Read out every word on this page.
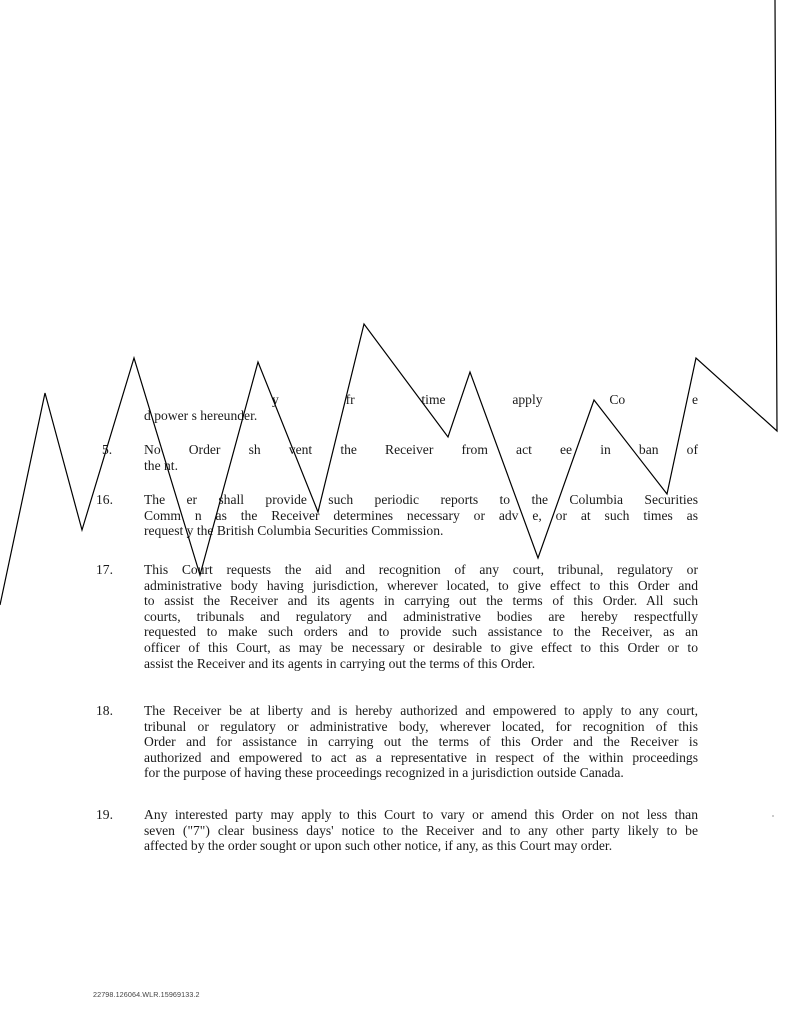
y fr time apply Co e
d power s hereunder.
5. No Order sh vent the Receiver from act ee in ban of
the nt.
16. The er shall provide such periodic reports to the Columbia Securities
Comm n as the Receiver determines necessary or adv e, or at such times as
request y the British Columbia Securities Commission.
17. This Court requests the aid and recognition of any court, tribunal, regulatory or
administrative body having jurisdiction, wherever located, to give effect to this Order and
to assist the Receiver and its agents in carrying out the terms of this Order. All such
courts, tribunals and regulatory and administrative bodies are hereby respectfully
requested to make such orders and to provide such assistance to the Receiver, as an
officer of this Court, as may be necessary or desirable to give effect to this Order or to
assist the Receiver and its agents in carrying out the terms of this Order.
18. The Receiver be at liberty and is hereby authorized and empowered to apply to any court,
tribunal or regulatory or administrative body, wherever located, for recognition of this
Order and for assistance in carrying out the terms of this Order and the Receiver is
authorized and empowered to act as a representative in respect of the within proceedings
for the purpose of having these proceedings recognized in a jurisdiction outside Canada.
19. Any interested party may apply to this Court to vary or amend this Order on not less than
seven ("7") clear business days' notice to the Receiver and to any other party likely to be
affected by the order sought or upon such other notice, if any, as this Court may order.
22798.126064.WLR.15969133.2
